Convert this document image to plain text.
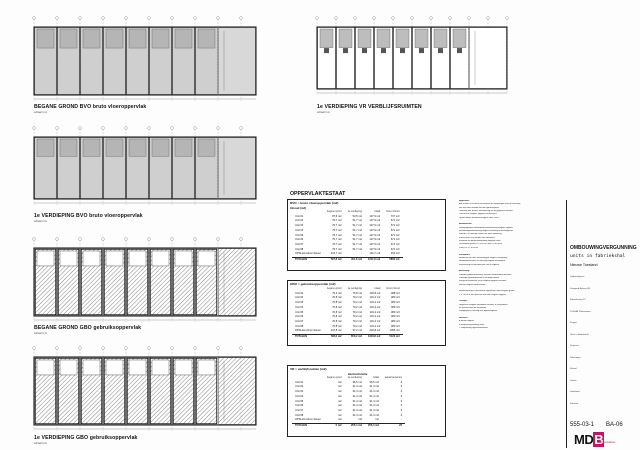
BEGANE GROND BVO bruto vloeroppervlak
schaal 1:xx
1e VERDIEPING VR VERBLIJFSRUIMTEN
schaal 1:xx
1e VERDIEPING BVO bruto vloeroppervlak
schaal 1:xx
BEGANE GROND GBO gebruiksoppervlak
schaal 1:xx
1e VERDIEPING GBO gebruiksoppervlak
schaal 1:xx
OPPERVLAKTESTAAT
BVO = bruto vloeroppervlak (m2)
Inhoud (m3)
	begane grond	1e verdieping	totaal	bruto inhoud
Unit 01	87,6 m2	53,5 m2	137,6 m2	737 m3
Unit 02	76,7 m2	51,7 m2	127,9 m2	671 m3
Unit 03	76,7 m2	51,7 m2	127,9 m2	671 m3
Unit 04	76,7 m2	51,7 m2	127,9 m2	671 m3
Unit 05	76,7 m2	51,7 m2	127,9 m2	671 m3
Unit 06	76,7 m2	51,7 m2	127,9 m2	671 m3
Unit 07	76,7 m2	51,7 m2	127,9 m2	671 m3
Unit 08	76,7 m2	51,7 m2	127,9 m2	671 m3
OPSLAG Alvon Savon	101,7 m2	-	101,7 m2	452 m3
TOTALEN	797,8 m2	451,6 m2	1211,6 m2	5806 m3
GBO = gebruiksoppervlak (m2)
	begane grond	1e verdieping	totaal	bruto inhoud
Unit 01	76,3 m2	75,8 m2	102,8 m2	488 m3
Unit 02	70,8 m2	70,2 m2	101,2 m2	480 m3
Unit 03	70,8 m2	70,2 m2	101,2 m2	480 m3
Unit 04	70,8 m2	70,2 m2	101,2 m2	480 m3
Unit 05	70,8 m2	70,2 m2	101,2 m2	480 m3
Unit 06	70,8 m2	70,2 m2	101,2 m2	480 m3
Unit 07	70,8 m2	70,2 m2	101,2 m2	480 m3
Unit 08	70,8 m2	70,2 m2	101,2 m2	480 m3
OPSLAG Alvon Savon	107,8 m2	97,2 m2	222,8 m2	1056 m3
TOTALEN	728,6 m2	653,2 m2	1033,8 m2	5120 m3
VR = verblijfsruimte (m2)
kantoorfunctie
	begane grond	1e verdieping	totaal	aantal personen
Unit 01	m2	36,5 m2	36,5 m2	4
Unit 02	m2	31,4 m2	31,4 m2	3
Unit 03	m2	31,4 m2	31,4 m2	3
Unit 04	m2	31,4 m2	31,4 m2	3
Unit 05	m2	31,4 m2	31,4 m2	3
Unit 06	m2	31,4 m2	31,4 m2	3
Unit 07	m2	31,4 m2	31,4 m2	3
Unit 08	m2	31,4 m2	31,4 m2	3
OPSLAG Alvon Savon	m2	m2	m2	-
TOTALEN	0 m2	255,4 m2	255,4 m2	25
Algemeen:
Alle maten in het werk controleren en afwijkingen voor de aanvang
van het werk melden aan de opdrachtgever.
Tekening niet meten; maatvoering uit de gegevens aflezen.
Constructie volgens opgave constructeur.
Oppervlakten berekend volgens NEN 2580.

Bouwbesluit:
Verblijfsgebied: toelaatbare vloerbelasting volgens opgave.
Brandcompartimentering volgens tekening brandveiligheid.
WBDBO 30 minuten tussen de units onderling.
Vluchtroutes vrij houden van obstakels.
Ventilatie en daglichttoetreding volgens norm.
Rc-waarde gevels 4,7 m2K/W; dak 6,3 m2K/W.
Vloer Rc 3,7 m2K/W.

Installaties:
Meterkast per unit; aansluitingen volgens nutsbedrijf.
Hemelwaterafvoer en riolering volgens installateur.
Verwarming en ventilatie per unit te regelen.

Afwerking:
Wanden gladde afwerking, vloeren zandcement dekvloer.
Plafonds systeemplafond in verblijfsruimten.
Kozijnen aluminium, kleur volgens opgave architect.
Deuren volgens deurenstaat.

Maatvoering peil: bovenkant afgewerkte vloer begane grond.
P = +0,00 m ten opzichte van NAP volgens opgave.

Overige:
Gegevens volgens bestaande situatie, te controleren
ter plaatse door de aannemer.
Wijzigingen in overleg met opdrachtgever.

Revisies:
A eerste uitgave
B aanpassing indeling units
C aanpassing oppervlaktestaat
OMBOUWINGVERGUNNING
units in fabriekshal
Nieuwe Toestand
Opdrachtgever
Vastgoed Beheer BV
Fabrieksweg 12
1234 AB Plaatsnaam
Project
Units in fabriekshal
Projectnr.
Tekeningnr.
Schaal
Datum
Getekend
Formaat
555-03-1 BA-06
MDB
MD Bouwadvies
